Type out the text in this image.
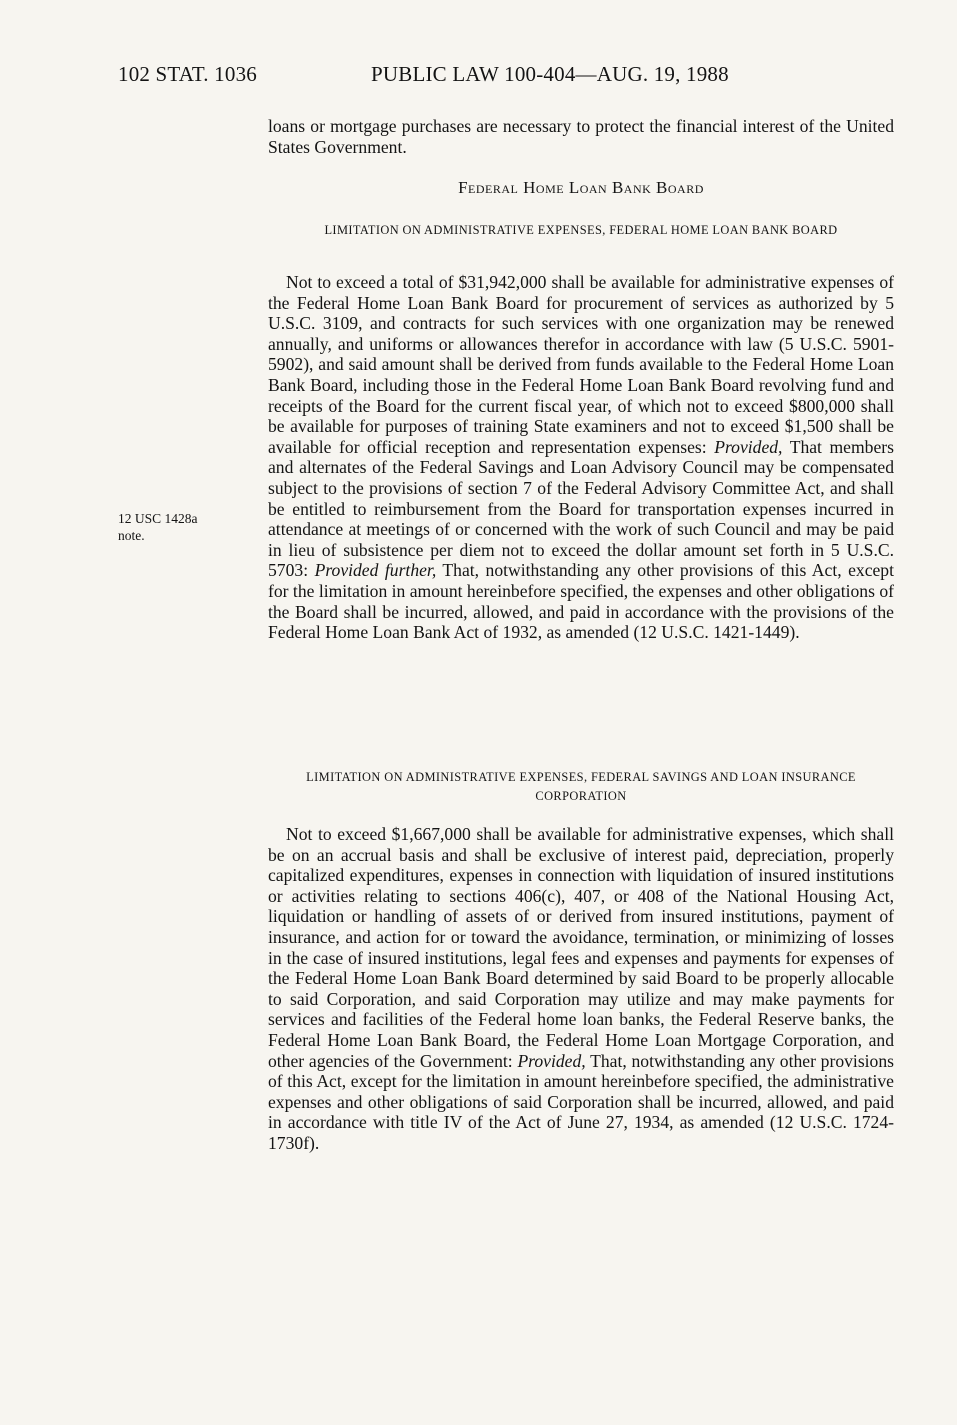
102 STAT. 1036	PUBLIC LAW 100-404—AUG. 19, 1988

loans or mortgage purchases are necessary to protect the financial interest of the United States Government.

Federal Home Loan Bank Board
LIMITATION ON ADMINISTRATIVE EXPENSES, FEDERAL HOME LOAN BANK BOARD

Not to exceed a total of $31,942,000 shall be available for administrative expenses of the Federal Home Loan Bank Board for procurement of services as authorized by 5 U.S.C. 3109, and contracts for such services with one organization may be renewed annually, and uniforms or allowances therefor in accordance with law (5 U.S.C. 5901-5902), and said amount shall be derived from funds available to the Federal Home Loan Bank Board, including those in the Federal Home Loan Bank Board revolving fund and receipts of the Board for the current fiscal year, of which not to exceed $800,000 shall be available for purposes of training State examiners and not to exceed $1,500 shall be available for official reception and representation expenses: Provided, That members and alternates of the Federal Savings and Loan Advisory Council may be compensated subject to the provisions of section 7 of the Federal Advisory Committee Act, and shall be entitled to reimbursement from the Board for transportation expenses incurred in attendance at meetings of or concerned with the work of such Council and may be paid in lieu of subsistence per diem not to exceed the dollar amount set forth in 5 U.S.C. 5703: Provided further, That, notwithstanding any other provisions of this Act, except for the limitation in amount hereinbefore specified, the expenses and other obligations of the Board shall be incurred, allowed, and paid in accordance with the provisions of the Federal Home Loan Bank Act of 1932, as amended (12 U.S.C. 1421-1449).

12 USC 1428a
note.
LIMITATION ON ADMINISTRATIVE EXPENSES, FEDERAL SAVINGS AND LOAN INSURANCE CORPORATION

Not to exceed $1,667,000 shall be available for administrative expenses, which shall be on an accrual basis and shall be exclusive of interest paid, depreciation, properly capitalized expenditures, expenses in connection with liquidation of insured institutions or activities relating to sections 406(c), 407, or 408 of the National Housing Act, liquidation or handling of assets of or derived from insured institutions, payment of insurance, and action for or toward the avoidance, termination, or minimizing of losses in the case of insured institutions, legal fees and expenses and payments for expenses of the Federal Home Loan Bank Board determined by said Board to be properly allocable to said Corporation, and said Corporation may utilize and may make payments for services and facilities of the Federal home loan banks, the Federal Reserve banks, the Federal Home Loan Bank Board, the Federal Home Loan Mortgage Corporation, and other agencies of the Government: Provided, That, notwithstanding any other provisions of this Act, except for the limitation in amount hereinbefore specified, the administrative expenses and other obligations of said Corporation shall be incurred, allowed, and paid in accordance with title IV of the Act of June 27, 1934, as amended (12 U.S.C. 1724-1730f).
